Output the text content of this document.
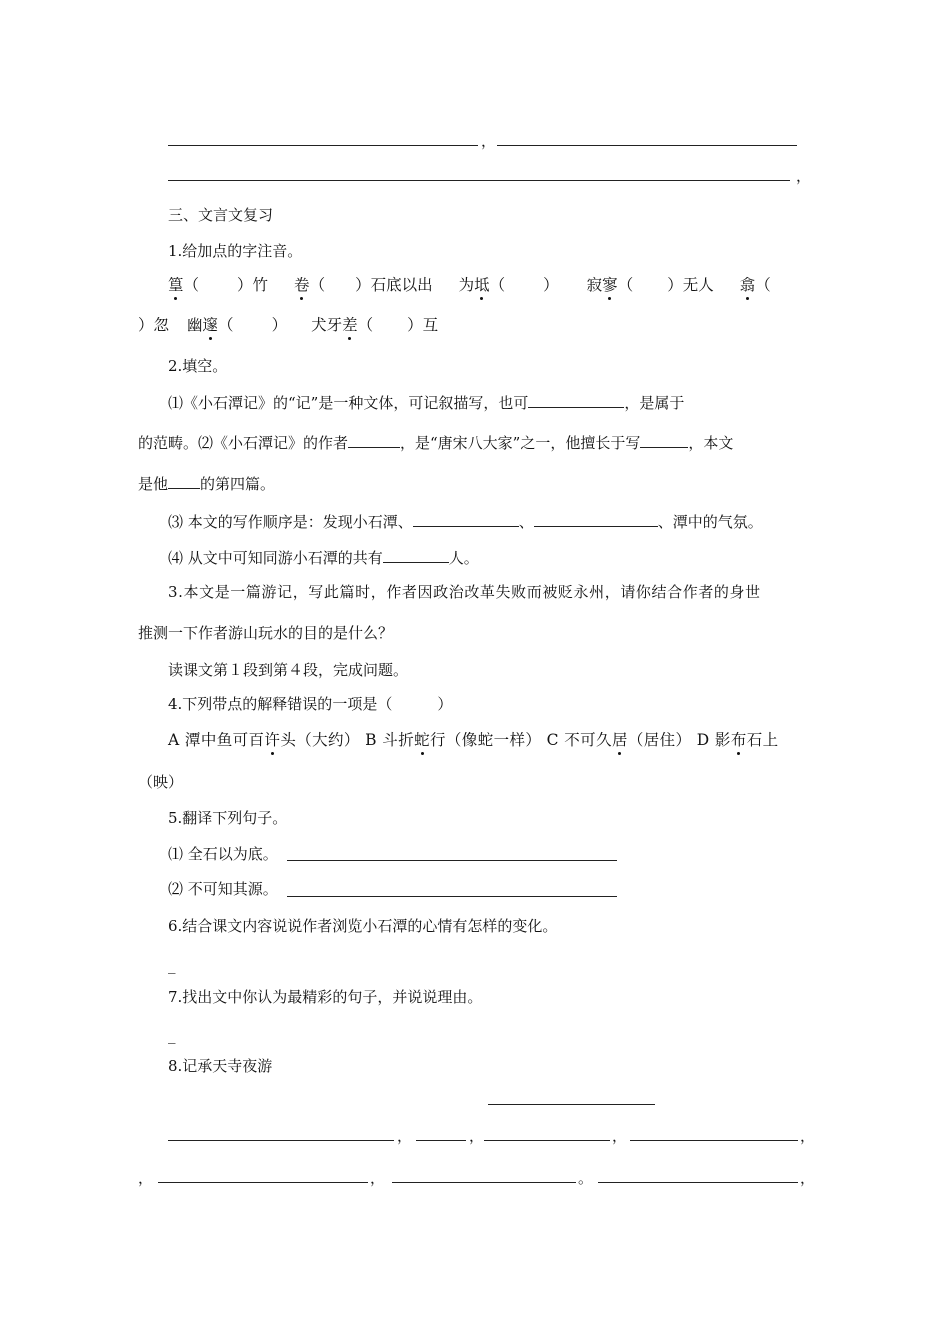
，
，
三、文言文复习
1.给加点的字注音。
篁（ ）竹 卷（ ）石底以出 为坻（ ） 寂寥（ ）无人 翕（
）忽 幽邃（ ） 犬牙差（ ）互
2.填空。
⑴《小石潭记》的“记”是一种文体，可记叙描写，也可	，是属于
的范畴。⑵《小石潭记》的作者	，是“唐宋八大家”之一，他擅长于写	，本文
是他 的第四篇。
⑶ 本文的写作顺序是：发现小石潭、	、	、潭中的气氛。
⑷ 从文中可知同游小石潭的共有	人。
3.本文是一篇游记，写此篇时，作者因政治改革失败而被贬永州，请你结合作者的身世
推测一下作者游山玩水的目的是什么？
读课文第１段到第４段，完成问题。
4.下列带点的解释错误的一项是（　　　）
A 潭中鱼可百许头（大约） B 斗折蛇行（像蛇一样） C 不可久居（居住） D 影布石上
（映）
5.翻译下列句子。
⑴ 全石以为底。
⑵ 不可知其源。
6.结合课文内容说说作者浏览小石潭的心情有怎样的变化。
_
7.找出文中你认为最精彩的句子，并说说理由。
_
8.记承天寺夜游
，	，	，	，
，	，	。	，
